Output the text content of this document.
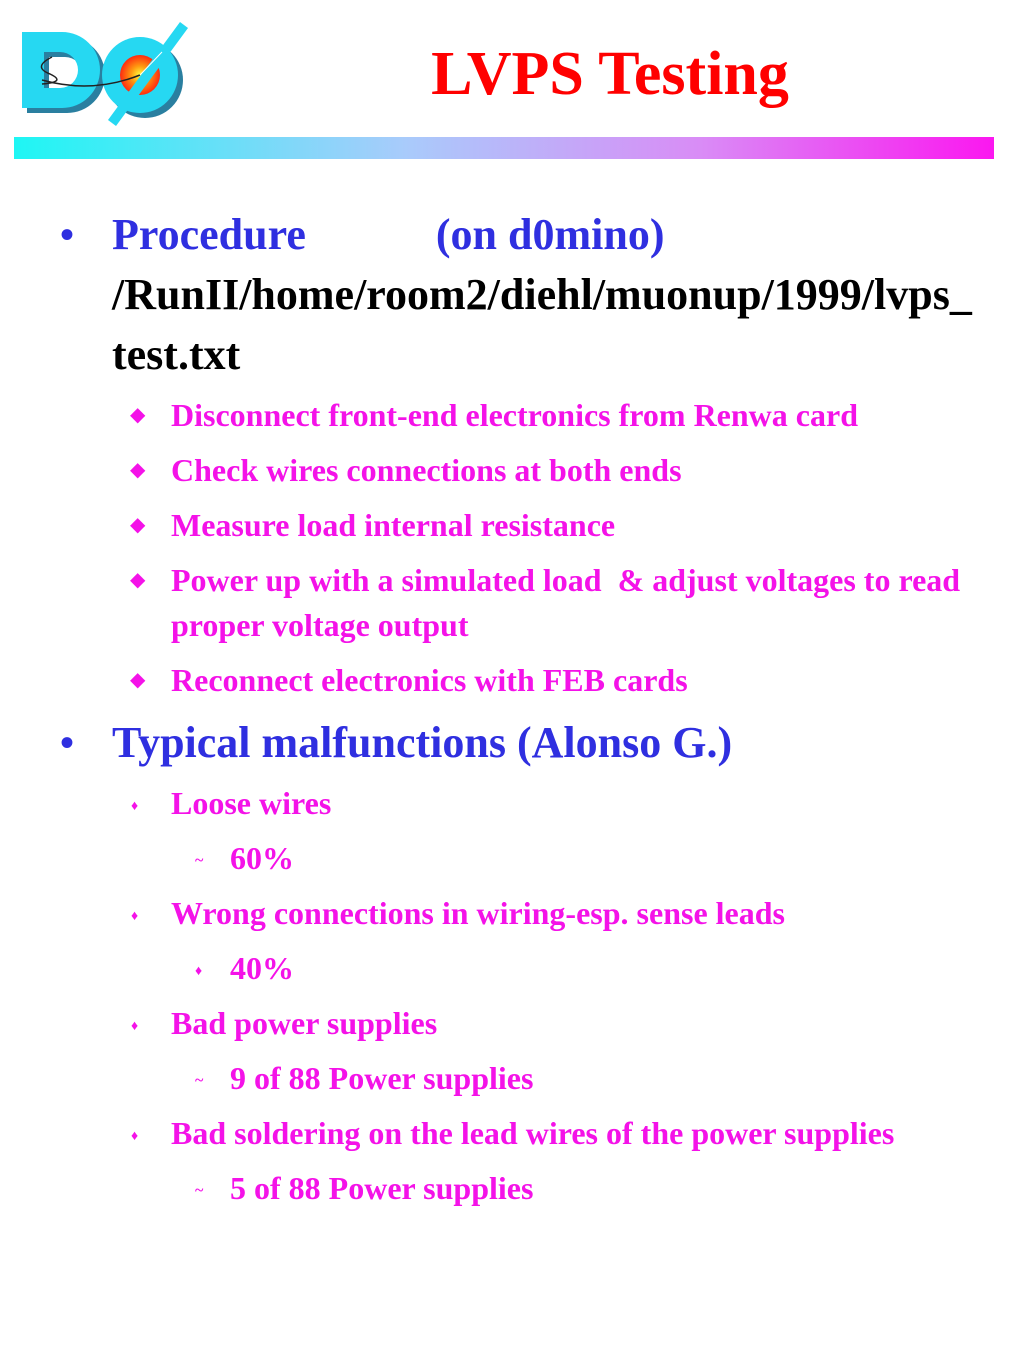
LVPS Testing
• Procedure	(on d0mino)
/RunII/home/room2/diehl/muonup/1999/lvps_test.txt
◆ Disconnect front-end electronics from Renwa card
◆ Check wires connections at both ends
◆ Measure load internal resistance
◆ Power up with a simulated load  & adjust voltages to read proper voltage output
◆ Reconnect electronics with FEB cards
• Typical malfunctions (Alonso G.)
♦ Loose wires
~ 60%
♦ Wrong connections in wiring-esp. sense leads
♦ 40%
♦ Bad power supplies
~ 9 of 88 Power supplies
♦ Bad soldering on the lead wires of the power supplies
~ 5 of 88 Power supplies
